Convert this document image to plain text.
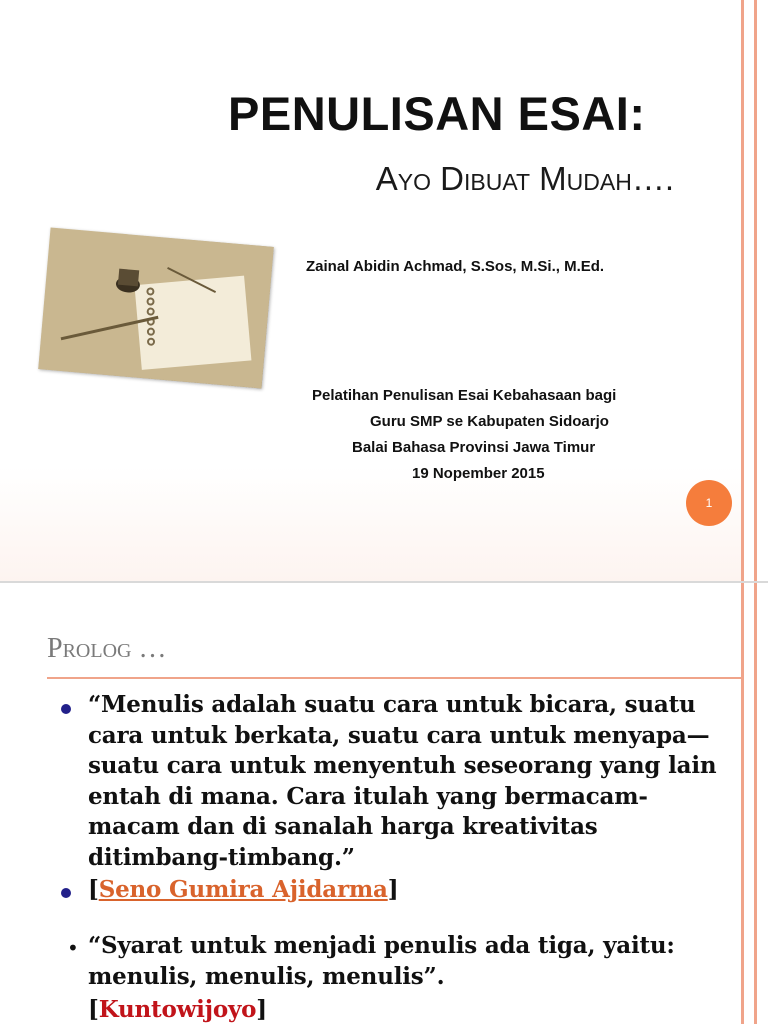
PENULISAN ESAI:
Ayo Dibuat Mudah….
Zainal Abidin Achmad, S.Sos, M.Si., M.Ed.
Pelatihan Penulisan Esai Kebahasaan bagi
Guru SMP se Kabupaten Sidoarjo
Balai Bahasa Provinsi Jawa Timur
19 Nopember 2015
1
Prolog …
“Menulis adalah suatu cara untuk bicara, suatu cara untuk berkata, suatu cara untuk menyapa—suatu cara untuk menyentuh seseorang yang lain entah di mana. Cara itulah yang bermacam-macam dan di sanalah harga kreativitas ditimbang-timbang.”
[Seno Gumira Ajidarma]
• “Syarat untuk menjadi penulis ada tiga, yaitu: menulis, menulis, menulis”.
[Kuntowijoyo]
